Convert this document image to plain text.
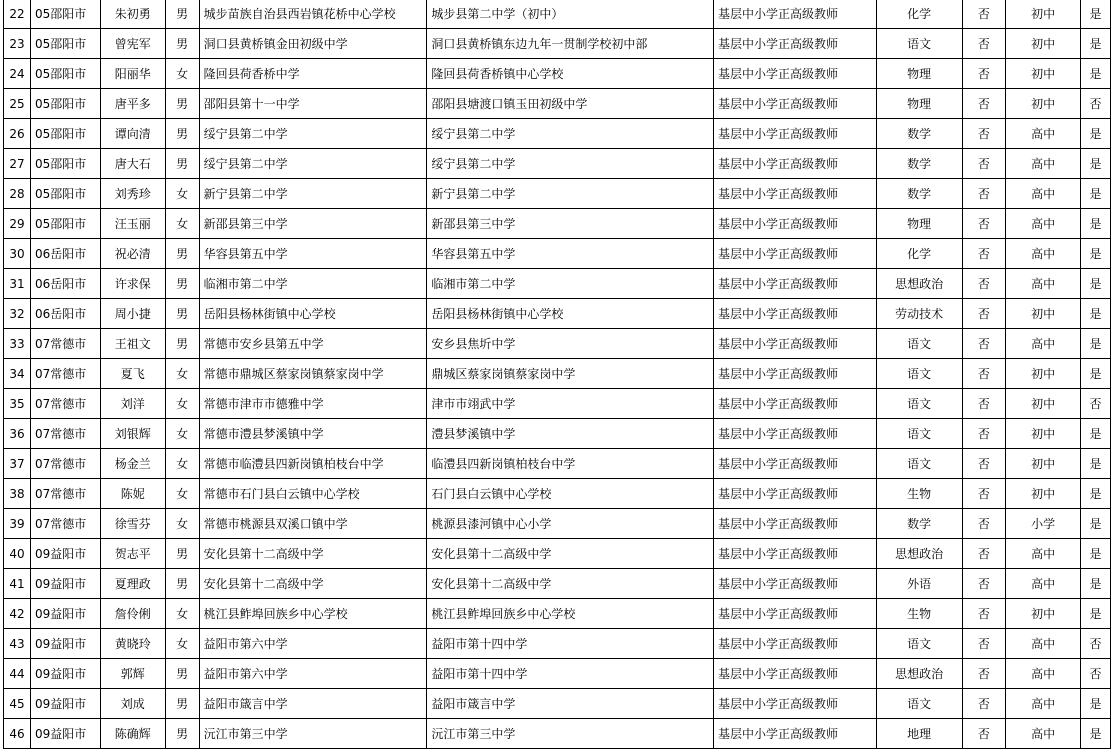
22	05邵阳市	朱初勇	男	城步苗族自治县西岩镇花桥中心学校	城步县第二中学（初中）	基层中小学正高级教师	化学	否	初中	是
23	05邵阳市	曾宪军	男	洞口县黄桥镇金田初级中学	洞口县黄桥镇东边九年一贯制学校初中部	基层中小学正高级教师	语文	否	初中	是
24	05邵阳市	阳丽华	女	隆回县荷香桥中学	隆回县荷香桥镇中心学校	基层中小学正高级教师	物理	否	初中	是
25	05邵阳市	唐平多	男	邵阳县第十一中学	邵阳县塘渡口镇玉田初级中学	基层中小学正高级教师	物理	否	初中	否
26	05邵阳市	谭向清	男	绥宁县第二中学	绥宁县第二中学	基层中小学正高级教师	数学	否	高中	是
27	05邵阳市	唐大石	男	绥宁县第二中学	绥宁县第二中学	基层中小学正高级教师	数学	否	高中	是
28	05邵阳市	刘秀珍	女	新宁县第二中学	新宁县第二中学	基层中小学正高级教师	数学	否	高中	是
29	05邵阳市	汪玉丽	女	新邵县第三中学	新邵县第三中学	基层中小学正高级教师	物理	否	高中	是
30	06岳阳市	祝必清	男	华容县第五中学	华容县第五中学	基层中小学正高级教师	化学	否	高中	是
31	06岳阳市	许求保	男	临湘市第二中学	临湘市第二中学	基层中小学正高级教师	思想政治	否	高中	是
32	06岳阳市	周小捷	男	岳阳县杨林街镇中心学校	岳阳县杨林街镇中心学校	基层中小学正高级教师	劳动技术	否	初中	是
33	07常德市	王祖文	男	常德市安乡县第五中学	安乡县焦圻中学	基层中小学正高级教师	语文	否	高中	是
34	07常德市	夏飞	女	常德市鼎城区蔡家岗镇蔡家岗中学	鼎城区蔡家岗镇蔡家岗中学	基层中小学正高级教师	语文	否	初中	是
35	07常德市	刘洋	女	常德市津市市德雅中学	津市市翊武中学	基层中小学正高级教师	语文	否	初中	否
36	07常德市	刘银辉	女	常德市澧县梦溪镇中学	澧县梦溪镇中学	基层中小学正高级教师	语文	否	初中	是
37	07常德市	杨金兰	女	常德市临澧县四新岗镇柏枝台中学	临澧县四新岗镇柏枝台中学	基层中小学正高级教师	语文	否	初中	是
38	07常德市	陈妮	女	常德市石门县白云镇中心学校	石门县白云镇中心学校	基层中小学正高级教师	生物	否	初中	是
39	07常德市	徐雪芬	女	常德市桃源县双溪口镇中学	桃源县漆河镇中心小学	基层中小学正高级教师	数学	否	小学	是
40	09益阳市	贺志平	男	安化县第十二高级中学	安化县第十二高级中学	基层中小学正高级教师	思想政治	否	高中	是
41	09益阳市	夏理政	男	安化县第十二高级中学	安化县第十二高级中学	基层中小学正高级教师	外语	否	高中	是
42	09益阳市	詹伶俐	女	桃江县鲊埠回族乡中心学校	桃江县鲊埠回族乡中心学校	基层中小学正高级教师	生物	否	初中	是
43	09益阳市	黄晓玲	女	益阳市第六中学	益阳市第十四中学	基层中小学正高级教师	语文	否	高中	否
44	09益阳市	郭辉	男	益阳市第六中学	益阳市第十四中学	基层中小学正高级教师	思想政治	否	高中	否
45	09益阳市	刘成	男	益阳市箴言中学	益阳市箴言中学	基层中小学正高级教师	语文	否	高中	是
46	09益阳市	陈确辉	男	沅江市第三中学	沅江市第三中学	基层中小学正高级教师	地理	否	高中	是
